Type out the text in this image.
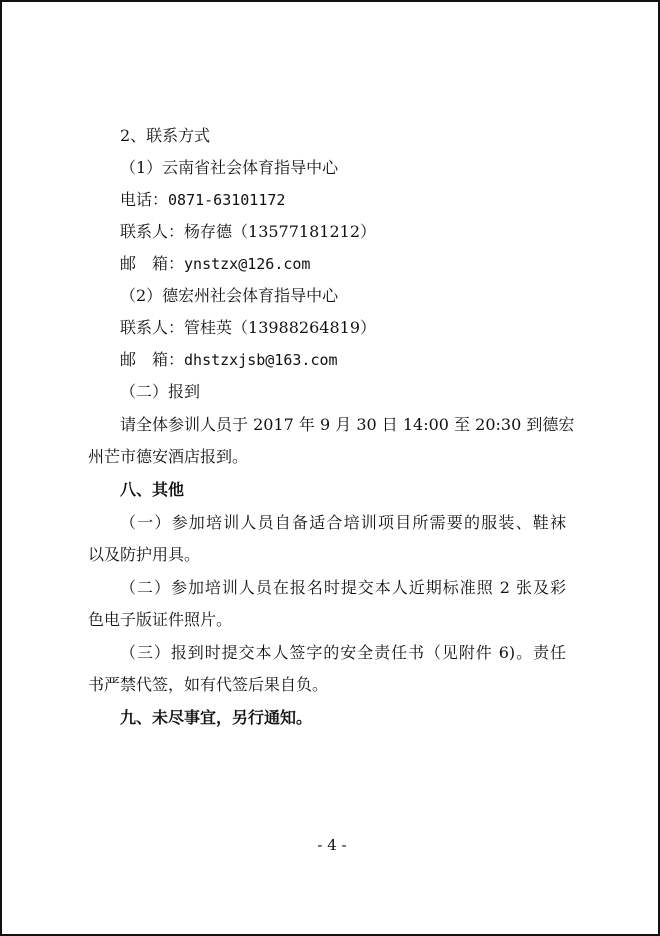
2、联系方式
（1）云南省社会体育指导中心
电话：0871-63101172
联系人：杨存德（13577181212）
邮　箱：ynstzx@126.com
（2）德宏州社会体育指导中心
联系人：管桂英（13988264819）
邮　箱：dhstzxjsb@163.com
（二）报到
请全体参训人员于 2017 年 9 月 30 日 14:00 至 20:30 到德宏
州芒市德安酒店报到。
八、其他
（一）参加培训人员自备适合培训项目所需要的服装、鞋袜
以及防护用具。
（二）参加培训人员在报名时提交本人近期标准照 2 张及彩
色电子版证件照片。
（三）报到时提交本人签字的安全责任书（见附件 6)。责任
书严禁代签，如有代签后果自负。
九、未尽事宜，另行通知。
- 4 -
